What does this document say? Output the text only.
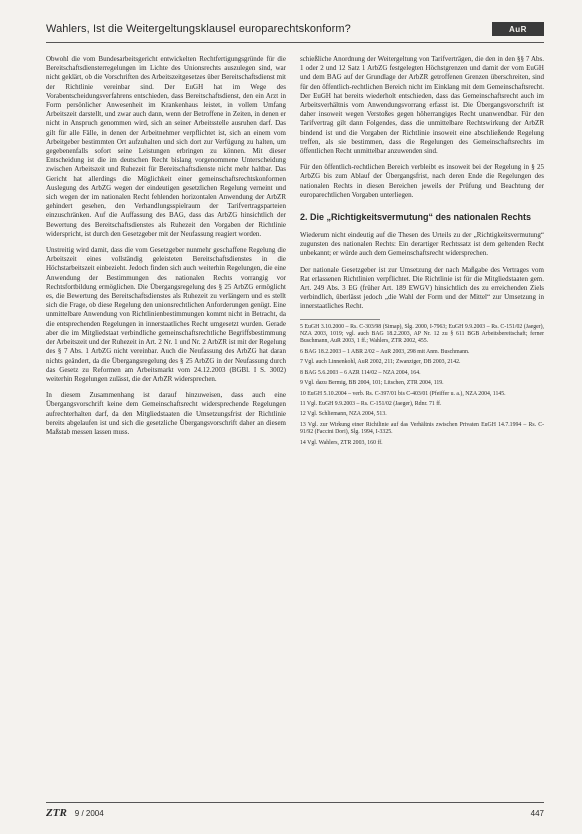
Wahlers, Ist die Weitergeltungsklausel europarechtskonform?	AuR

Obwohl die vom Bundesarbeitsgericht entwickelten Rechtfertigungsgründe für die Bereitschaftsdiensterregelungen im Lichte des Unionsrechts auszulegen sind, war nicht geklärt, ob die Vorschriften des Arbeitszeitgesetzes über Bereitschaftsdienst mit der Richtlinie vereinbar sind. Der EuGH hat im Wege des Vorabentscheidungsverfahrens entschieden, dass Bereitschaftsdienst, den ein Arzt in Form persönlicher Anwesenheit im Krankenhaus leistet, in vollem Umfang Arbeitszeit darstellt, und zwar auch dann, wenn der Betroffene in Zeiten, in denen er nicht in Anspruch genommen wird, sich an seiner Arbeitsstelle ausruhen darf. Das gilt für alle Fälle, in denen der Arbeitnehmer verpflichtet ist, sich an einem vom Arbeitgeber bestimmten Ort aufzuhalten und sich dort zur Verfügung zu halten, um gegebenenfalls sofort seine Leistungen erbringen zu können. Mit dieser Entscheidung ist die im deutschen Recht bislang vorgenommene Unterscheidung zwischen Arbeitszeit und Ruhezeit für Bereitschaftsdienste nicht mehr haltbar. Das Gericht hat allerdings die Möglichkeit einer gemeinschaftsrechtskonformen Auslegung des ArbZG wegen der eindeutigen gesetzlichen Regelung verneint und sich wegen der im nationalen Recht fehlenden horizontalen Anwendung der ArbZR gehindert gesehen, den Verhandlungsspielraum der Tarifvertragsparteien einzuschränken. Auf die Auffassung des BAG, dass das ArbZG hinsichtlich der Bewertung des Bereitschaftsdienstes als Ruhezeit den Vorgaben der Richtlinie widerspricht, ist durch den Gesetzgeber mit der Neufassung reagiert worden.

Unstreitig wird damit, dass die vom Gesetzgeber nunmehr geschaffene Regelung die Arbeitszeit eines vollständig geleisteten Bereitschaftsdienstes in die Höchstarbeitszeit einbezieht. Jedoch finden sich auch weiterhin Regelungen, die eine Anwendung der Bestimmungen des nationalen Rechts vorrangig vor Rechtsfortbildung ermöglichen. Die Übergangsregelung des § 25 ArbZG ermöglicht es, die Bewertung des Bereitschaftsdienstes als Ruhezeit zu verlängern und es stellt sich die Frage, ob diese Regelung den unionsrechtlichen Anforderungen genügt. Eine unmittelbare Anwendung von Richtlinienbestimmungen kommt nicht in Betracht, da die entsprechenden Regelungen in innerstaatliches Recht umgesetzt wurden. Gerade aber die im Mitgliedstaat verbindliche gemeinschaftsrechtliche Begriffsbestimmung der Arbeitszeit und der Ruhezeit in Art. 2 Nr. 1 und Nr. 2 ArbZR ist mit der Regelung des § 7 Abs. 1 ArbZG nicht vereinbar. Auch die Neufassung des ArbZG hat daran nichts geändert, da die Übergangsregelung des § 25 ArbZG in der Neufassung durch das Gesetz zu Reformen am Arbeitsmarkt vom 24.12.2003 (BGBl. I S. 3002) weiterhin Regelungen zulässt, die der ArbZR widersprechen.

In diesem Zusammenhang ist darauf hinzuweisen, dass auch eine Übergangsvorschrift keine dem Gemeinschaftsrecht widersprechende Regelungen aufrechterhalten darf, da den Mitgliedstaaten die Umsetzungsfrist der Richtlinie bereits abgelaufen ist und sich die gesetzliche Übergangsvorschrift daher an diesem Maßstab messen lassen muss.

schießliche Anordnung der Weitergeltung von Tarifverträgen, die den in den §§ 7 Abs. 1 oder 2 und 12 Satz 1 ArbZG festgelegten Höchstgrenzen und damit der vom EuGH und dem BAG auf der Grundlage der ArbZR getroffenen Grenzen überschreiten, sind für den öffentlich-rechtlichen Bereich nicht im Einklang mit dem Gemeinschaftsrecht. Der EuGH hat bereits wiederholt entschieden, dass das Gemeinschaftsrecht auch im Arbeitsverhältnis vom Anwendungsvorrang erfasst ist. Die Übergangsvorschrift ist daher insoweit wegen Verstoßes gegen höherrangiges Recht unanwendbar. Für den Tarifvertrag gilt dann Folgendes, dass die unmittelbare Rechtswirkung der ArbZR bindend ist und die Vorgaben der Richtlinie insoweit eine abschließende Regelung treffen, als sie bestimmen, dass die Regelungen des Gemeinschaftsrechts im öffentlichen Recht unmittelbar anzuwenden sind.

Für den öffentlich-rechtlichen Bereich verbleibt es insoweit bei der Regelung in § 25 ArbZG bis zum Ablauf der Übergangsfrist, nach deren Ende die Regelungen des nationalen Rechts in diesen Bereichen jeweils der Prüfung und Beachtung der europarechtlichen Vorgaben unterliegen.

2. Die „Richtigkeitsvermutung“ des nationalen Rechts

Wiederum nicht eindeutig auf die Thesen des Urteils zu der „Richtigkeitsvermutung“ zugunsten des nationalen Rechts: Ein derartiger Rechtssatz ist dem geltenden Recht unbekannt; er würde auch dem Gemeinschaftsrecht widersprechen.

Der nationale Gesetzgeber ist zur Umsetzung der nach Maßgabe des Vertrages vom Rat erlassenen Richtlinien verpflichtet. Die Richtlinie ist für die Mitgliedstaaten gem. Art. 249 Abs. 3 EG (früher Art. 189 EWGV) hinsichtlich des zu erreichenden Ziels verbindlich, überlässt jedoch „die Wahl der Form und der Mittel“ zur Umsetzung in innerstaatliches Recht.

5 EuGH 3.10.2000 – Rs. C-303/98 (Simap), Slg. 2000, I-7963; EuGH 9.9.2003 – Rs. C-151/02 (Jaeger), NZA 2003, 1019; vgl. auch BAG 18.2.2003, AP Nr. 12 zu § 611 BGB Arbeitsbereitschaft; ferner Buschmann, AuR 2003, 1 ff.; Wahlers, ZTR 2002, 455.

6 BAG 18.2.2003 – 1 ABR 2/02 – AuR 2003, 298 mit Anm. Buschmann.

7 Vgl. auch Linnenkohl, AuR 2002, 211; Zwanziger, DB 2003, 2142.

8 BAG 5.6.2003 – 6 AZR 114/02 – NZA 2004, 164.

9 Vgl. dazu Bermig, BB 2004, 101; Litschen, ZTR 2004, 119.

10 EuGH 5.10.2004 – verb. Rs. C-397/01 bis C-403/01 (Pfeiffer u. a.), NZA 2004, 1145.

11 Vgl. EuGH 9.9.2003 – Rs. C-151/02 (Jaeger), Rdnr. 71 ff.

12 Vgl. Schliemann, NZA 2004, 513.

13 Vgl. zur Wirkung einer Richtlinie auf das Verhältnis zwischen Privaten EuGH 14.7.1994 – Rs. C-91/92 (Faccini Dori), Slg. 1994, I-3325.

14 Vgl. Wahlers, ZTR 2003, 160 ff.

ZTR 9 / 2004	447
